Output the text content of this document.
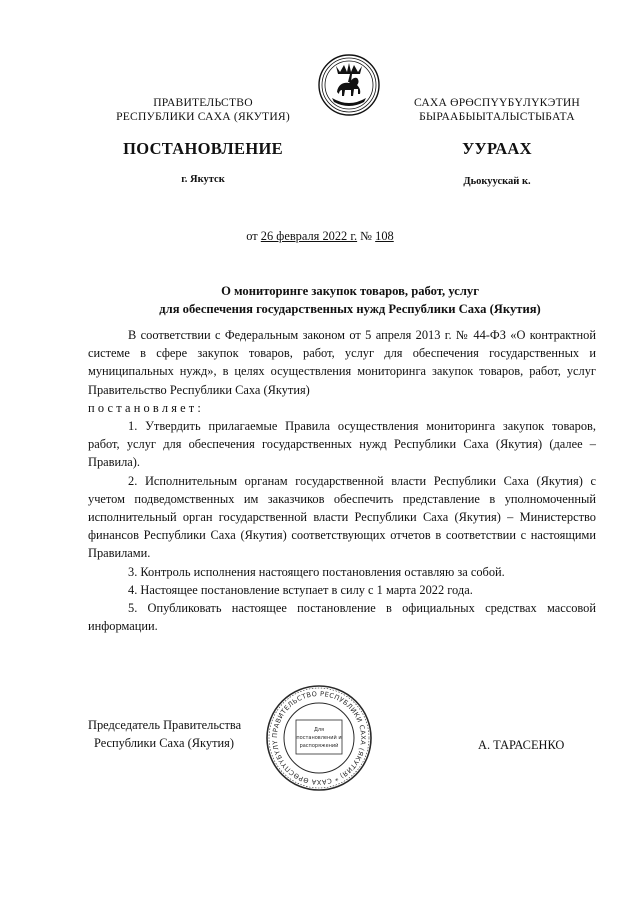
ПРАВИТЕЛЬСТВО
РЕСПУБЛИКИ САХА (ЯКУТИЯ)
САХА ӨРӨСПҮҮБҮЛҮКЭТИН
БЫРААБЫЫТАЛЫСТЫБАТА
ПОСТАНОВЛЕНИЕ	УУРААХ
г. Якутск	Дьокуускай к.
от 26 февраля 2022 г. № 108
О мониторинге закупок товаров, работ, услуг
для обеспечения государственных нужд Республики Саха (Якутия)

В соответствии с Федеральным законом от 5 апреля 2013 г. № 44-ФЗ «О контрактной системе в сфере закупок товаров, работ, услуг для обеспечения государственных и муниципальных нужд», в целях осуществления мониторинга закупок товаров, работ, услуг Правительство Республики Саха (Якутия)

постановляет:

1. Утвердить прилагаемые Правила осуществления мониторинга закупок товаров, работ, услуг для обеспечения государственных нужд Республики Саха (Якутия) (далее – Правила).

2. Исполнительным органам государственной власти Республики Саха (Якутия) с учетом подведомственных им заказчиков обеспечить представление в уполномоченный исполнительный орган государственной власти Республики Саха (Якутия) – Министерство финансов Республики Саха (Якутия) соответствующих отчетов в соответствии с настоящими Правилами.

3. Контроль исполнения настоящего постановления оставляю за собой.

4. Настоящее постановление вступает в силу с 1 марта 2022 года.

5. Опубликовать настоящее постановление в официальных средствах массовой информации.

Председатель Правительства
Республики Саха (Якутия)	А. ТАРАСЕНКО
ПРАВИТЕЛЬСТВО РЕСПУБЛИКИ САХА (ЯКУТИЯ) * САХА ӨРӨСПҮҮБҮЛҮ
Для
постановлений и
распоряжений
